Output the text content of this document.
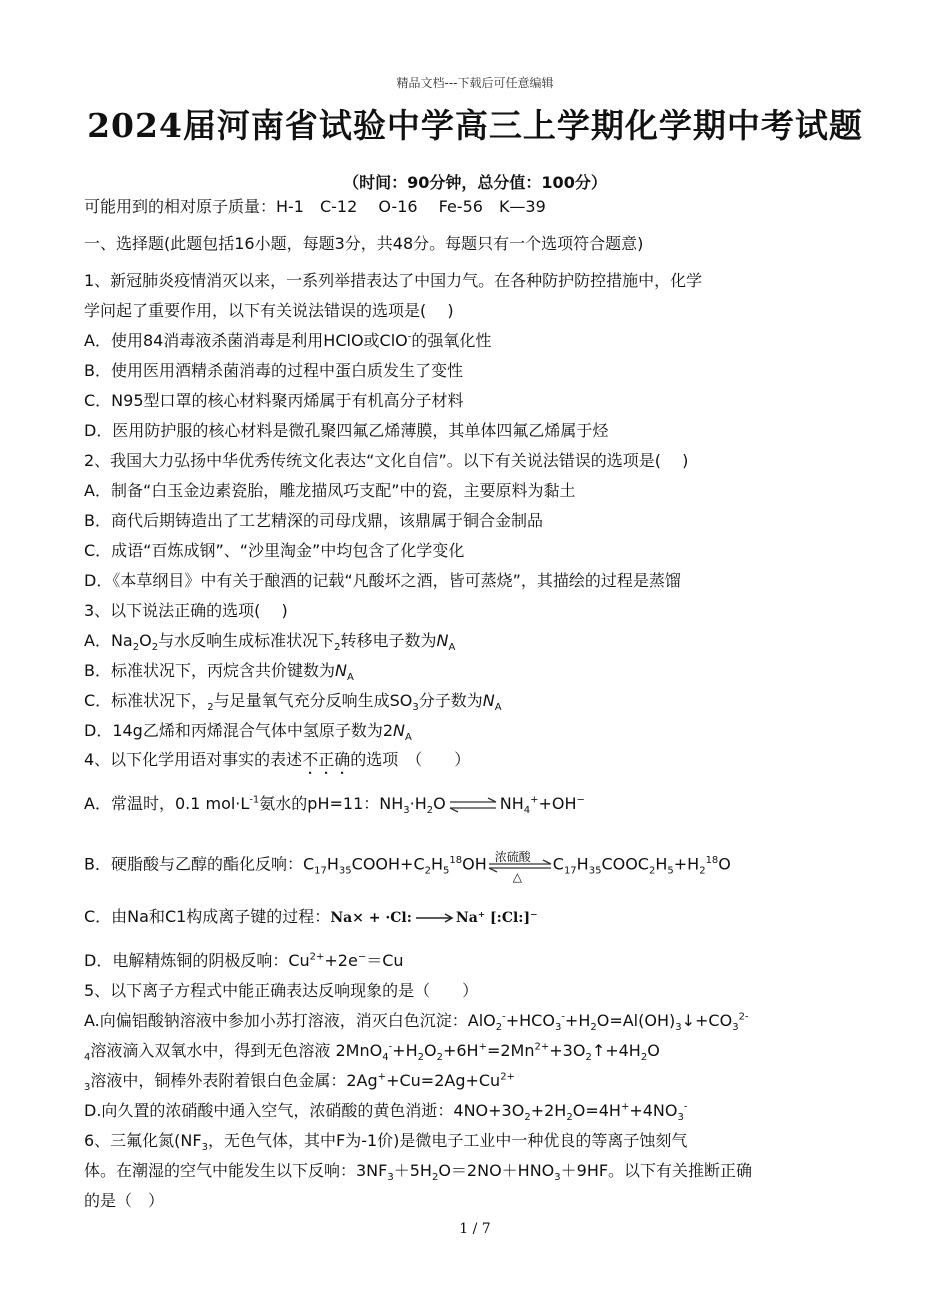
精品文档---下载后可任意编辑
2024届河南省试验中学高三上学期化学期中考试题
（时间：90分钟，总分值：100分）
可能用到的相对原子质量：H-1　C-12　 O-16　 Fe-56　K—39
一、选择题(此题包括16小题，每题3分，共48分。每题只有一个选项符合题意)
1、新冠肺炎疫情消灭以来，一系列举措表达了中国力气。在各种防护防控措施中，化学
学问起了重要作用，以下有关说法错误的选项是(　 )
A．使用84消毒液杀菌消毒是利用HClO或ClO-的强氧化性
B．使用医用酒精杀菌消毒的过程中蛋白质发生了变性
C．N95型口罩的核心材料聚丙烯属于有机高分子材料
D．医用防护服的核心材料是微孔聚四氟乙烯薄膜，其单体四氟乙烯属于烃
2、我国大力弘扬中华优秀传统文化表达“文化自信”。以下有关说法错误的选项是(　 )
A．制备“白玉金边素瓷胎，雕龙描凤巧支配”中的瓷，主要原料为黏土
B．商代后期铸造出了工艺精深的司母戊鼎，该鼎属于铜合金制品
C．成语“百炼成钢”、“沙里淘金”中均包含了化学变化
D．《本草纲目》中有关于酿酒的记载“凡酸坏之酒，皆可蒸烧”，其描绘的过程是蒸馏
3、以下说法正确的选项(　 )
A．$Na_2O_2$与水反响生成标准状况下$_2$转移电子数为$N_A$
B．标准状况下，丙烷含共价键数为$N_A$
C．标准状况下，$_2$与足量氧气充分反响生成$SO_3$分子数为$N_A$
D．14g乙烯和丙烯混合气体中氢原子数为$2N_A$
4、以下化学用语对事实的表述不正确的选项　（　　）
A．常温时，0.1 $mol\cdot L^{-1}$氨水的pH=11：$NH_3\cdot H_2O\rightleftharpoons NH_4^++OH^-$
B．硬脂酸与乙醇的酯化反响：$C_{17}H_{35}COOH+C_2H_5^{18}OH$ 浓硫酸
△
$C_{17}H_{35}COOC_2H_5+H_2^{18}O$
C．由Na和C1构成离子键的过程：Na× + ·Cl:	Na⁺ [:Cl:]⁻
D．电解精炼铜的阴极反响：$Cu^{2+}+2e^-=Cu$
5、以下离子方程式中能正确表达反响现象的是（　　）
A.向偏铝酸钠溶液中参加小苏打溶液，消灭白色沉淀：$AlO_2^-+HCO_3^-+H_2O=Al(OH)_3↓+CO_3^{2-}$
$_4$溶液滴入双氧水中，得到无色溶液 $2MnO_4^-+H_2O_2+6H^+=2Mn^{2+}+3O_2↑+4H_2O$
$_3$溶液中，铜棒外表附着银白色金属：$2Ag^++Cu=2Ag+Cu^{2+}$
D.向久置的浓硝酸中通入空气，浓硝酸的黄色消逝：$4NO+3O_2+2H_2O=4H^++4NO_3^-$
6、三氟化氮($NF_3$，无色气体，其中F为-1价)是微电子工业中一种优良的等离子蚀刻气
体。在潮湿的空气中能发生以下反响：$3NF_3+5H_2O=2NO+HNO_3+9HF$。以下有关推断正确
的是（　）
1 / 7
